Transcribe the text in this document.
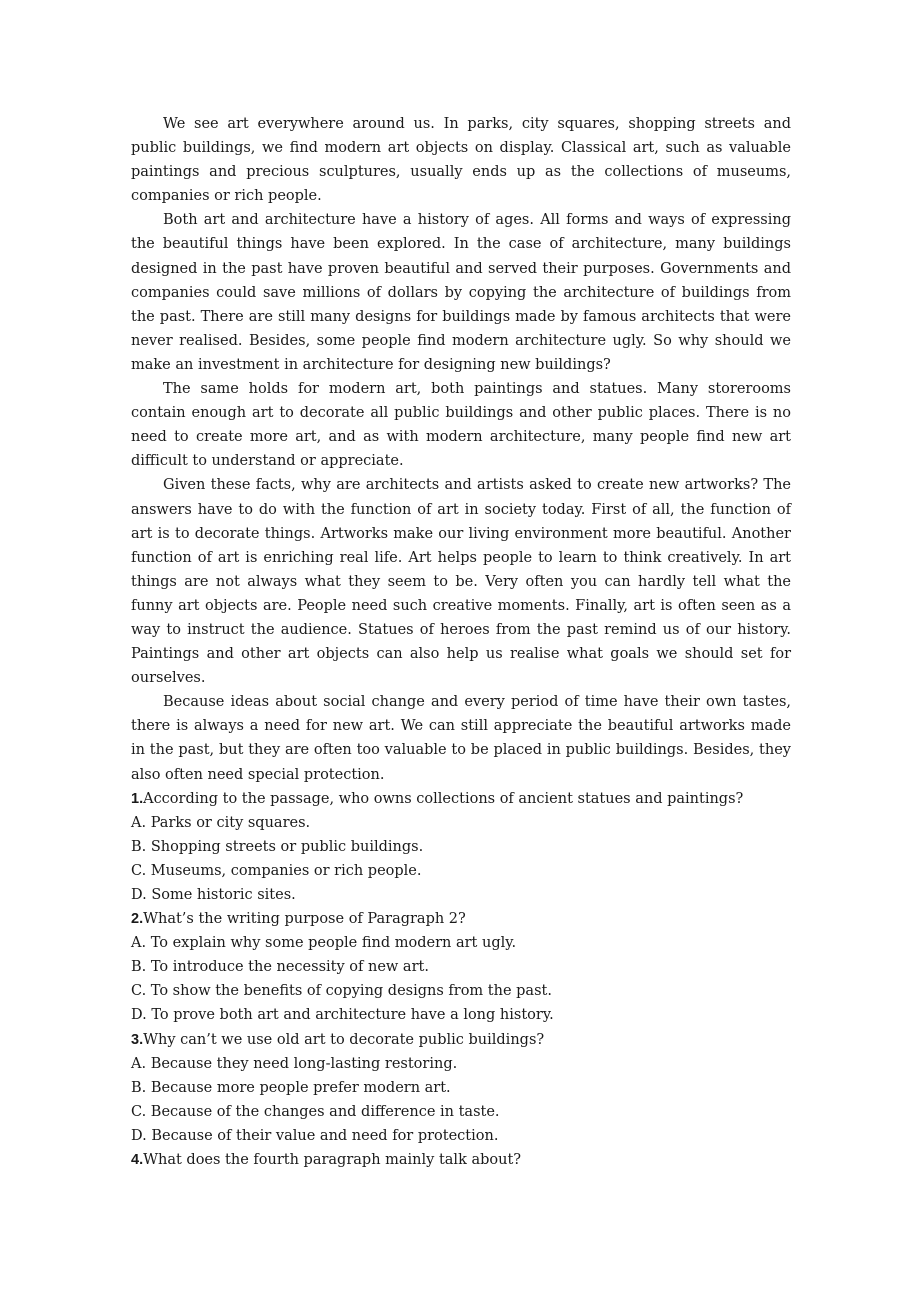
We see art everywhere around us. In parks, city squares, shopping streets and public buildings, we find modern art objects on display. Classical art, such as valuable paintings and precious sculptures, usually ends up as the collections of museums, companies or rich people.

Both art and architecture have a history of ages. All forms and ways of expressing the beautiful things have been explored. In the case of architecture, many buildings designed in the past have proven beautiful and served their purposes. Governments and companies could save millions of dollars by copying the architecture of buildings from the past. There are still many designs for buildings made by famous architects that were never realised. Besides, some people find modern architecture ugly. So why should we make an investment in architecture for designing new buildings?

The same holds for modern art, both paintings and statues. Many storerooms contain enough art to decorate all public buildings and other public places. There is no need to create more art, and as with modern architecture, many people find new art difficult to understand or appreciate.

Given these facts, why are architects and artists asked to create new artworks? The answers have to do with the function of art in society today. First of all, the function of art is to decorate things. Artworks make our living environment more beautiful. Another function of art is enriching real life. Art helps people to learn to think creatively. In art things are not always what they seem to be. Very often you can hardly tell what the funny art objects are. People need such creative moments. Finally, art is often seen as a way to instruct the audience. Statues of heroes from the past remind us of our history. Paintings and other art objects can also help us realise what goals we should set for ourselves.

Because ideas about social change and every period of time have their own tastes, there is always a need for new art. We can still appreciate the beautiful artworks made in the past, but they are often too valuable to be placed in public buildings. Besides, they also often need special protection.

1.According to the passage, who owns collections of ancient statues and paintings?

A. Parks or city squares.

B. Shopping streets or public buildings.

C. Museums, companies or rich people.

D. Some historic sites.

2.What’s the writing purpose of Paragraph 2?

A. To explain why some people find modern art ugly.

B. To introduce the necessity of new art.

C. To show the benefits of copying designs from the past.

D. To prove both art and architecture have a long history.

3.Why can’t we use old art to decorate public buildings?

A. Because they need long-lasting restoring.

B. Because more people prefer modern art.

C. Because of the changes and difference in taste.

D. Because of their value and need for protection.

4.What does the fourth paragraph mainly talk about?
